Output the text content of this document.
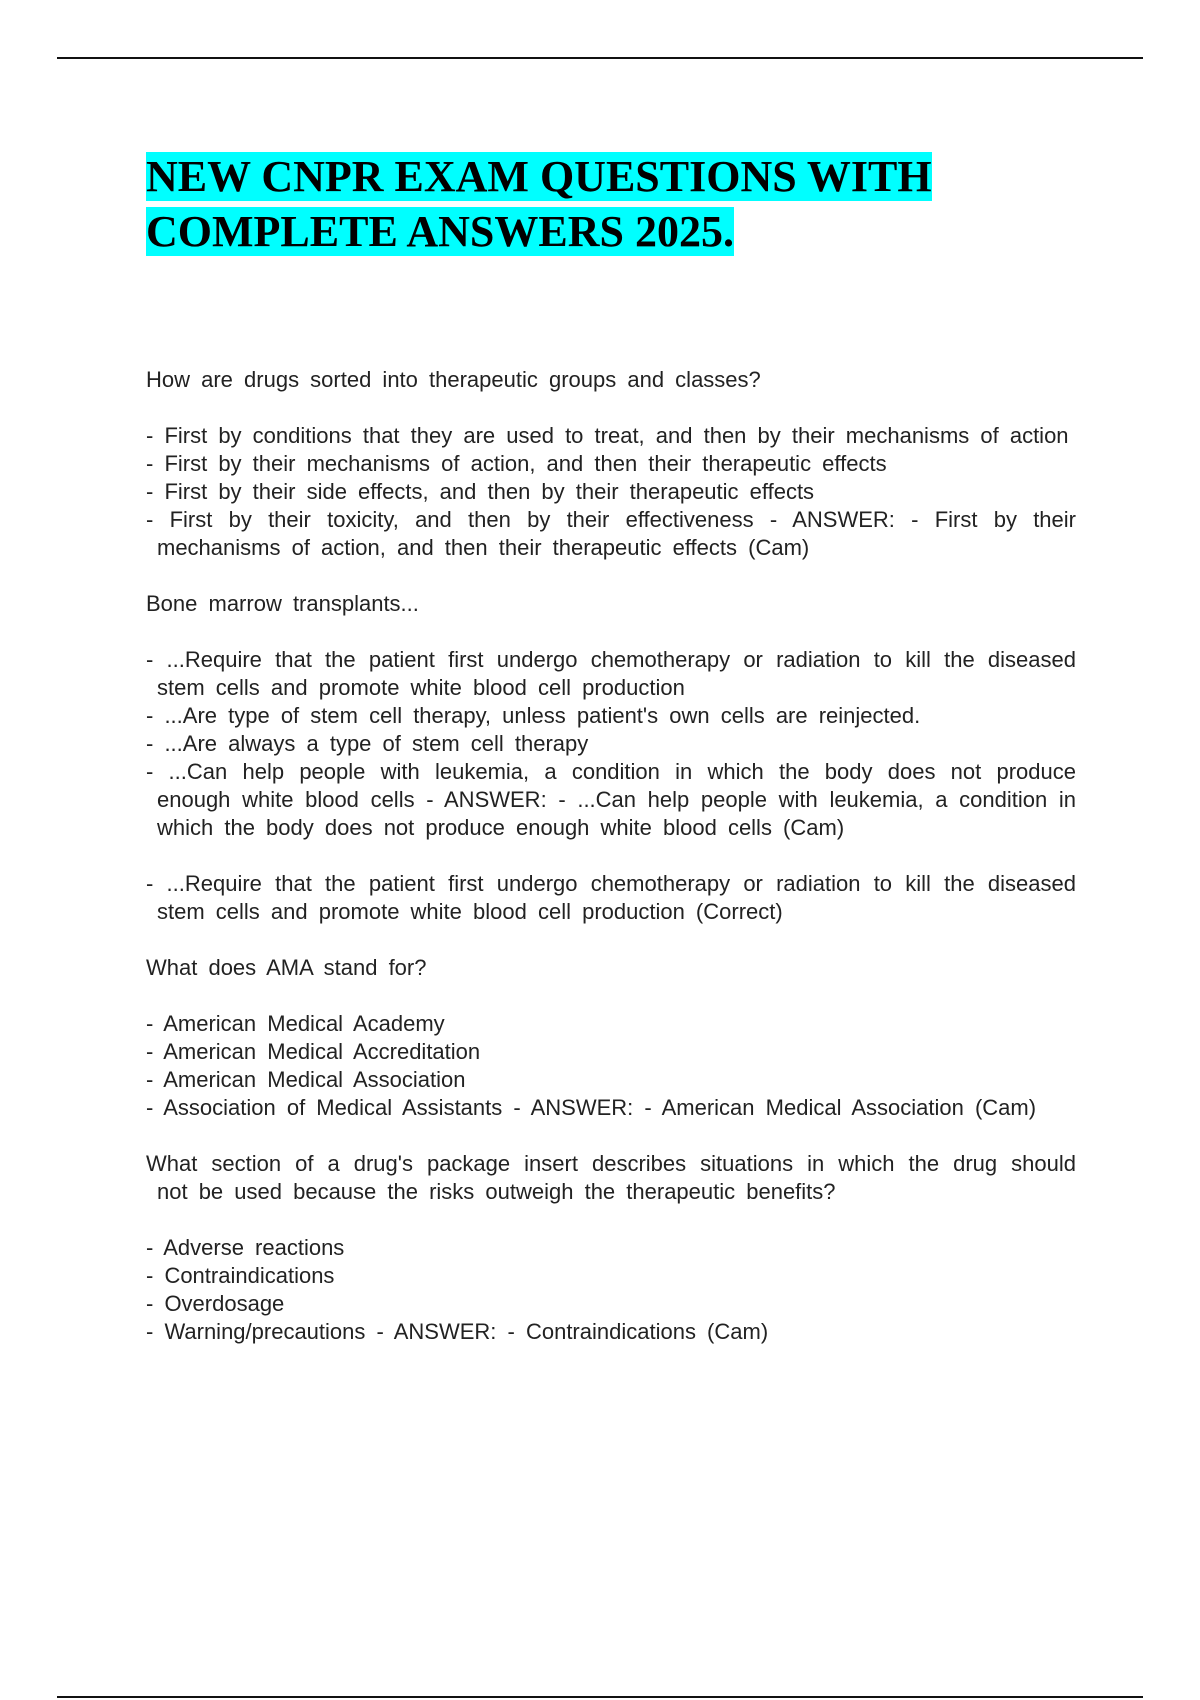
NEW CNPR EXAM QUESTIONS WITH COMPLETE ANSWERS 2025.

How are drugs sorted into therapeutic groups and classes?

- First by conditions that they are used to treat, and then by their mechanisms of action

- First by their mechanisms of action, and then their therapeutic effects

- First by their side effects, and then by their therapeutic effects

- First by their toxicity, and then by their effectiveness - ANSWER: - First by their mechanisms of action, and then their therapeutic effects (Cam)

Bone marrow transplants...

- ...Require that the patient first undergo chemotherapy or radiation to kill the diseased stem cells and promote white blood cell production

- ...Are type of stem cell therapy, unless patient's own cells are reinjected.

- ...Are always a type of stem cell therapy

- ...Can help people with leukemia, a condition in which the body does not produce enough white blood cells - ANSWER: - ...Can help people with leukemia, a condition in which the body does not produce enough white blood cells (Cam)

- ...Require that the patient first undergo chemotherapy or radiation to kill the diseased stem cells and promote white blood cell production (Correct)

What does AMA stand for?

- American Medical Academy

- American Medical Accreditation

- American Medical Association

- Association of Medical Assistants - ANSWER: - American Medical Association (Cam)

What section of a drug's package insert describes situations in which the drug should not be used because the risks outweigh the therapeutic benefits?

- Adverse reactions

- Contraindications

- Overdosage

- Warning/precautions - ANSWER: - Contraindications (Cam)
